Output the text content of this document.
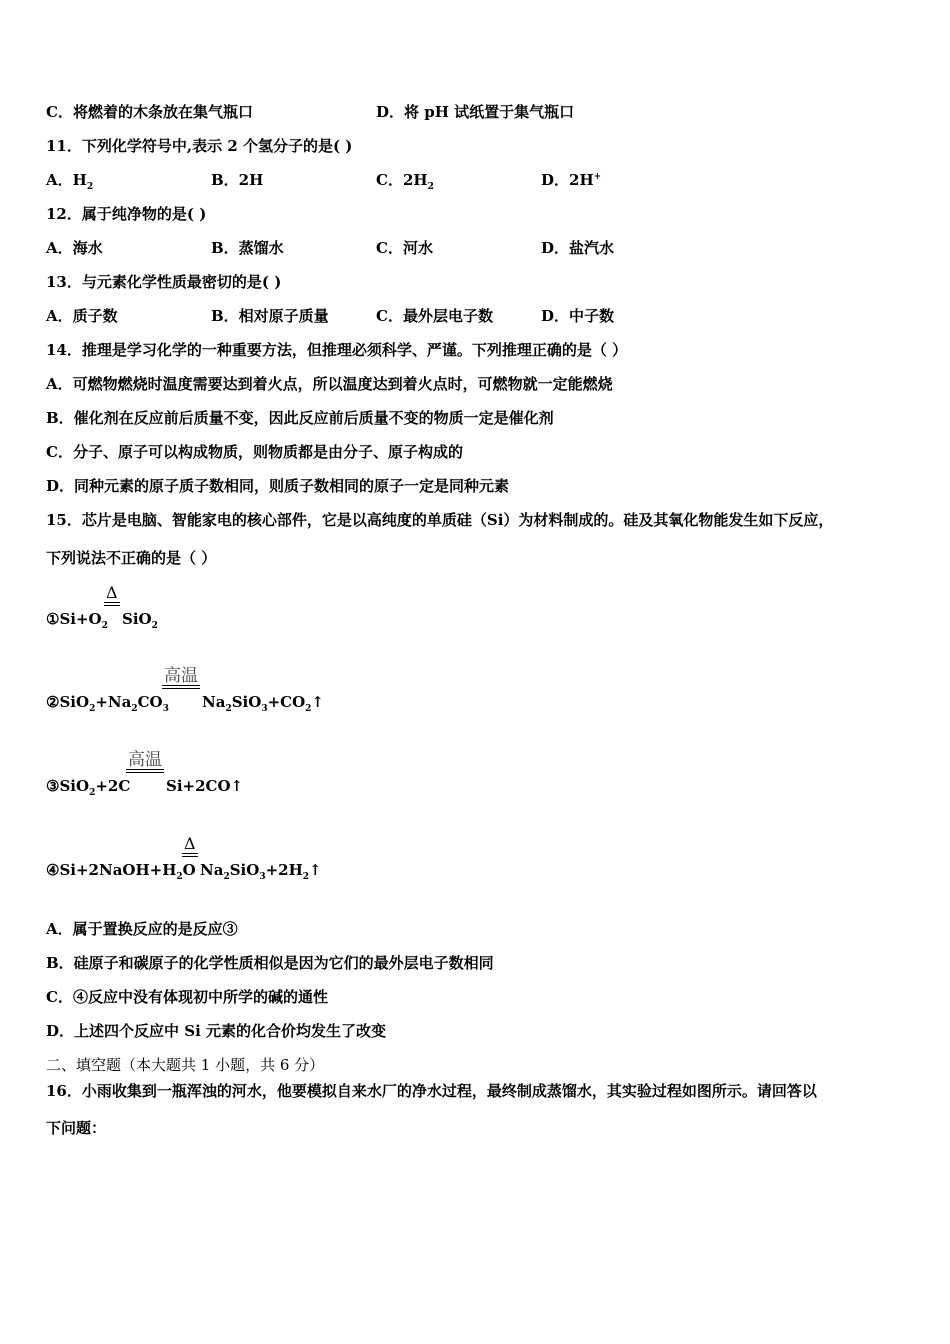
C．将燃着的木条放在集气瓶口	D．将 pH 试纸置于集气瓶口
11．下列化学符号中,表示 2 个氢分子的是( )
A．$H_2$	B．2H	C．$2H_2$	D．2H+
12．属于纯净物的是( )
A．海水	B．蒸馏水	C．河水	D．盐汽水
13．与元素化学性质最密切的是( )
A．质子数	B．相对原子质量	C．最外层电子数	D．中子数
14．推理是学习化学的一种重要方法，但推理必须科学、严谨。下列推理正确的是（ ）
A．可燃物燃烧时温度需要达到着火点，所以温度达到着火点时，可燃物就一定能燃烧
B．催化剂在反应前后质量不变，因此反应前后质量不变的物质一定是催化剂
C．分子、原子可以构成物质，则物质都是由分子、原子构成的
D．同种元素的原子质子数相同，则质子数相同的原子一定是同种元素
15．芯片是电脑、智能家电的核心部件，它是以高纯度的单质硅（Si）为材料制成的。硅及其氧化物能发生如下反应，
下列说法不正确的是（ ）
$①Si+O_2$
Δ
SiO$_2$
$②SiO_2+Na_2CO_3$
高温
$Na_2SiO_3+CO_2↑$
③SiO$_2$+2C
高温
Si+2CO↑
$④Si+2NaOH+H_2O$
Δ
$Na_2SiO_3+2H_2↑$
A．属于置换反应的是反应③
B．硅原子和碳原子的化学性质相似是因为它们的最外层电子数相同
C．④反应中没有体现初中所学的碱的通性
D．上述四个反应中 Si 元素的化合价均发生了改变
二、填空题（本大题共 1 小题，共 6 分）
16．小雨收集到一瓶浑浊的河水，他要模拟自来水厂的净水过程，最终制成蒸馏水，其实验过程如图所示。请回答以
下问题：
